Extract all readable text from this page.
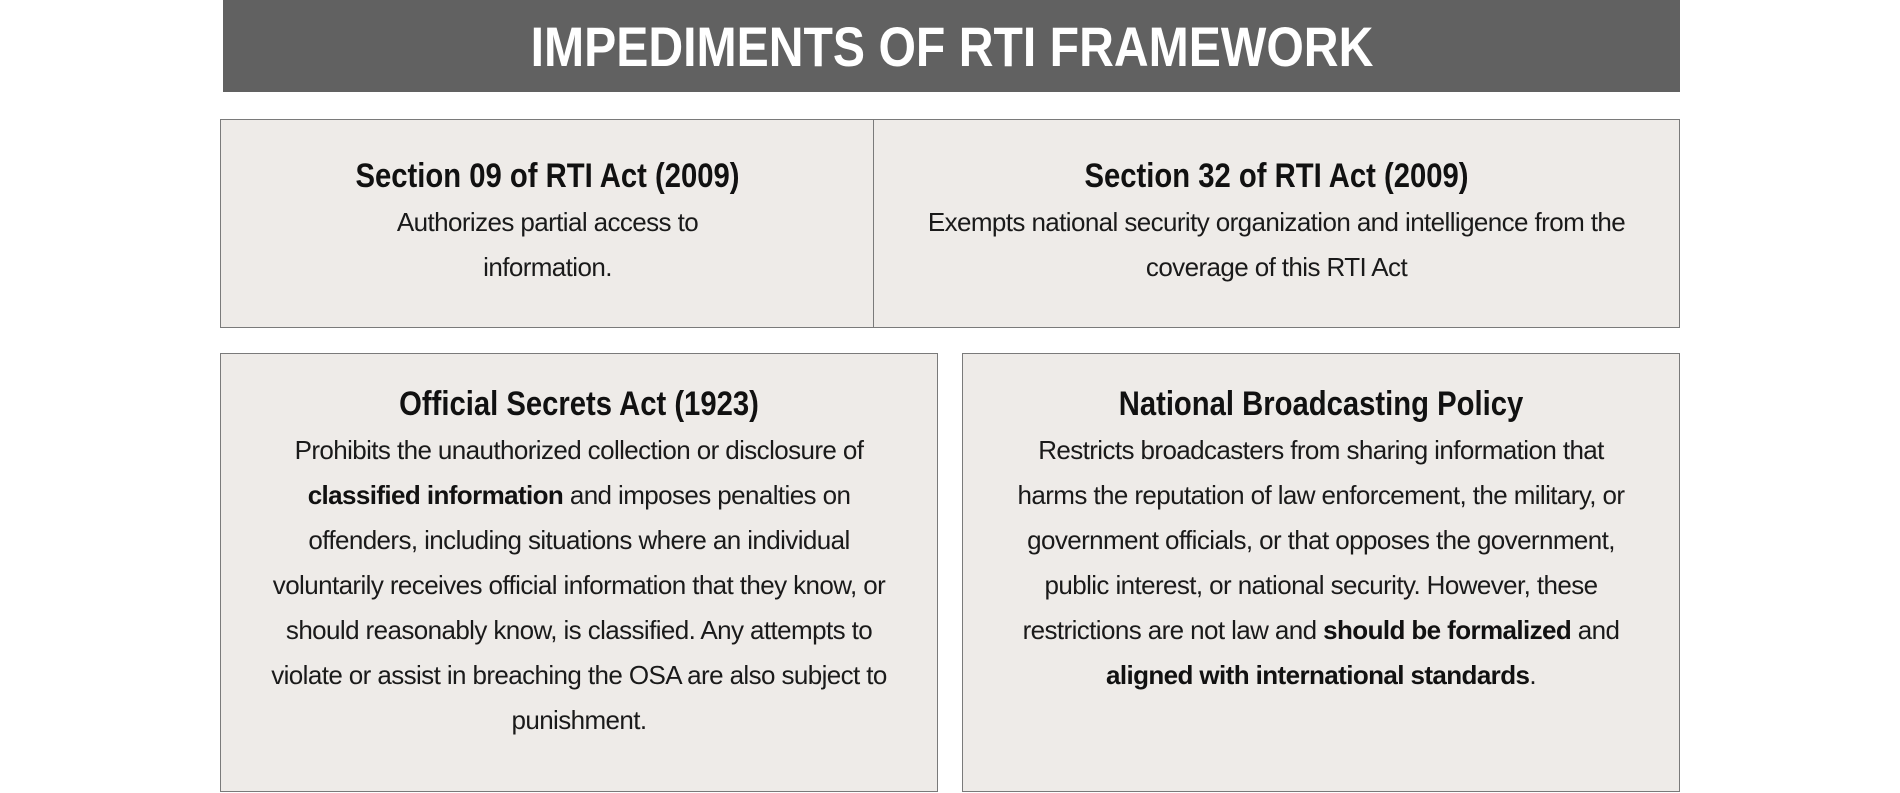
IMPEDIMENTS OF RTI FRAMEWORK
Section 09 of RTI Act (2009)

Authorizes partial access to information.

Section 32 of RTI Act (2009)

Exempts national security organization and intelligence from the coverage of this RTI Act

Official Secrets Act (1923)

Prohibits the unauthorized collection or disclosure of classified information and imposes penalties on offenders, including situations where an individual voluntarily receives official information that they know, or should reasonably know, is classified. Any attempts to violate or assist in breaching the OSA are also subject to punishment.

National Broadcasting Policy

Restricts broadcasters from sharing information that harms the reputation of law enforcement, the military, or government officials, or that opposes the government, public interest, or national security. However, these restrictions are not law and should be formalized and aligned with international standards.
